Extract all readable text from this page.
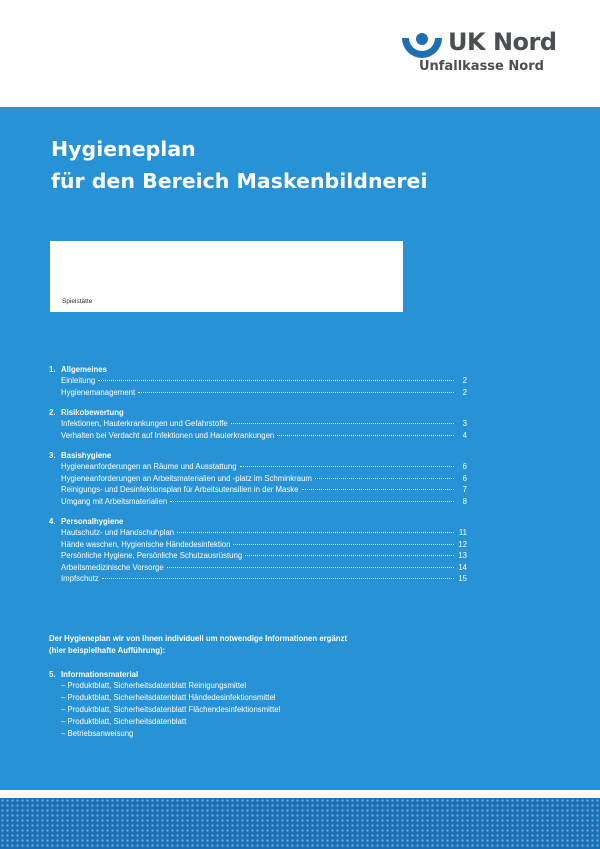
UK Nord
Unfallkasse Nord
Hygieneplan
für den Bereich Maskenbildnerei
Spielstätte
1. Allgemeines
Einleitung	2
Hygienemanagement	2
2. Risikobewertung
Infektionen, Hauterkrankungen und Gefahrstoffe	3
Verhalten bei Verdacht auf Infektionen und Hauterkrankungen	4
3. Basishygiene
Hygieneanforderungen an Räume und Ausstattung	6
Hygieneanforderungen an Arbeitsmaterialien und -platz im Schminkraum	6
Reinigungs- und Desinfektionsplan für Arbeitsutensilien in der Maske	7
Umgang mit Arbeitsmaterialien	8
4. Personalhygiene
Hautschutz- und Handschuhplan	11
Hände waschen, Hygienische Händedesinfektion	12
Persönliche Hygiene, Persönliche Schutzausrüstung	13
Arbeitsmedizinische Vorsorge	14
Impfschutz	15
Der Hygieneplan wir von Ihnen individuell um notwendige Informationen ergänzt
(hier beispielhafte Aufführung):
5. Informationsmaterial
– Produktblatt, Sicherheitsdatenblatt Reinigungsmittel
– Produktblatt, Sicherheitsdatenblatt Händedesinfektionsmittel
– Produktblatt, Sicherheitsdatenblatt Flächendesinfektionsmittel
– Produktblatt, Sicherheitsdatenblatt
– Betriebsanweisung
